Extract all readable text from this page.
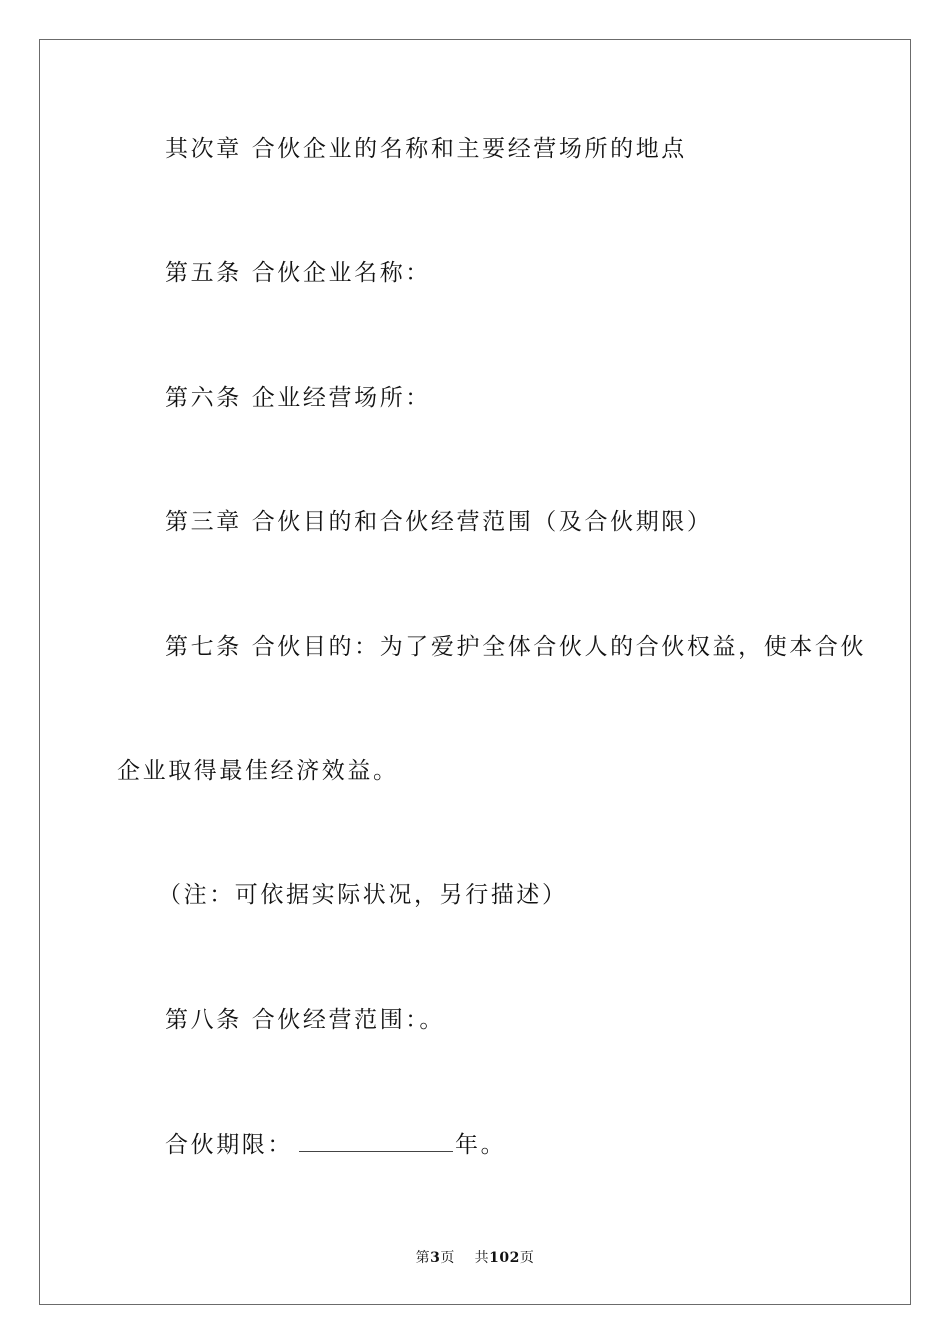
其次章 合伙企业的名称和主要经营场所的地点
第五条 合伙企业名称：
第六条 企业经营场所：
第三章 合伙目的和合伙经营范围（及合伙期限）
第七条 合伙目的：为了爱护全体合伙人的合伙权益，使本合伙
企业取得最佳经济效益。
（注：可依据实际状况，另行描述）
第八条 合伙经营范围：。
合伙期限：	年。
第3页 共102页
